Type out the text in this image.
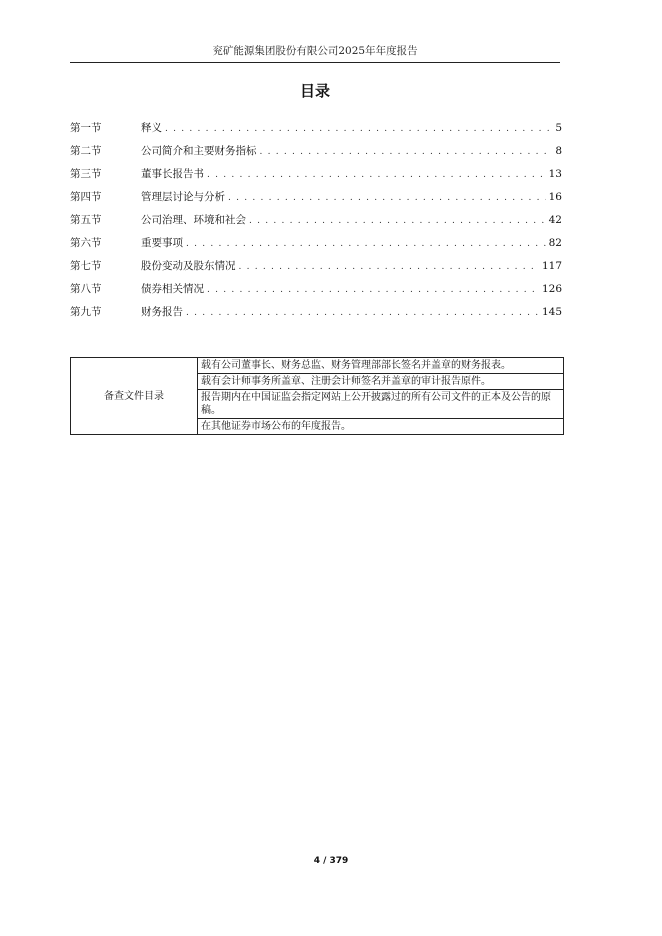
兖矿能源集团股份有限公司2025年年度报告
目录
第一节	释义 . . .	5
第二节	公司简介和主要财务指标 . . .	8
第三节	董事长报告书 . . .	13
第四节	管理层讨论与分析 . . .	16
第五节	公司治理、环境和社会 . . .	42
第六节	重要事项 . . .	82
第七节	股份变动及股东情况 . . .	117
第八节	债券相关情况 . . .	126
第九节	财务报告 . . .	145
备查文件目录	载有公司董事长、财务总监、财务管理部部长签名并盖章的财务报表。
载有会计师事务所盖章、注册会计师签名并盖章的审计报告原件。
报告期内在中国证监会指定网站上公开披露过的所有公司文件的正本及公告的原稿。
在其他证券市场公布的年度报告。
4 / 379
